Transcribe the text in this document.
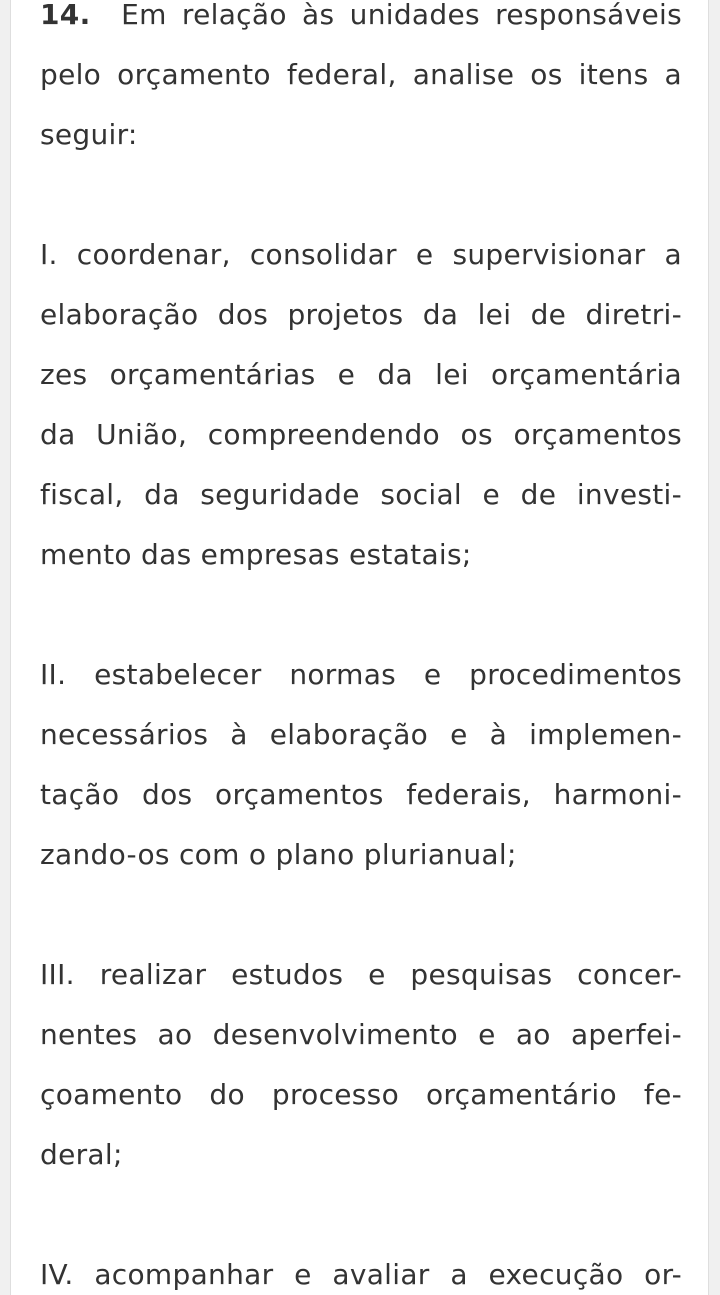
14. Em relação às unidades responsáveis
pelo orçamento federal, analise os itens a
seguir:
I. coordenar, consolidar e supervisionar a
elaboração dos projetos da lei de diretri-
zes orçamentárias e da lei orçamentária
da União, compreendendo os orçamentos
fiscal, da seguridade social e de investi-
mento das empresas estatais;
II. estabelecer normas e procedimentos
necessários à elaboração e à implemen-
tação dos orçamentos federais, harmoni-
zando-os com o plano plurianual;
III. realizar estudos e pesquisas concer-
nentes ao desenvolvimento e ao aperfei-
çoamento do processo orçamentário fe-
deral;
IV. acompanhar e avaliar a execução or-
